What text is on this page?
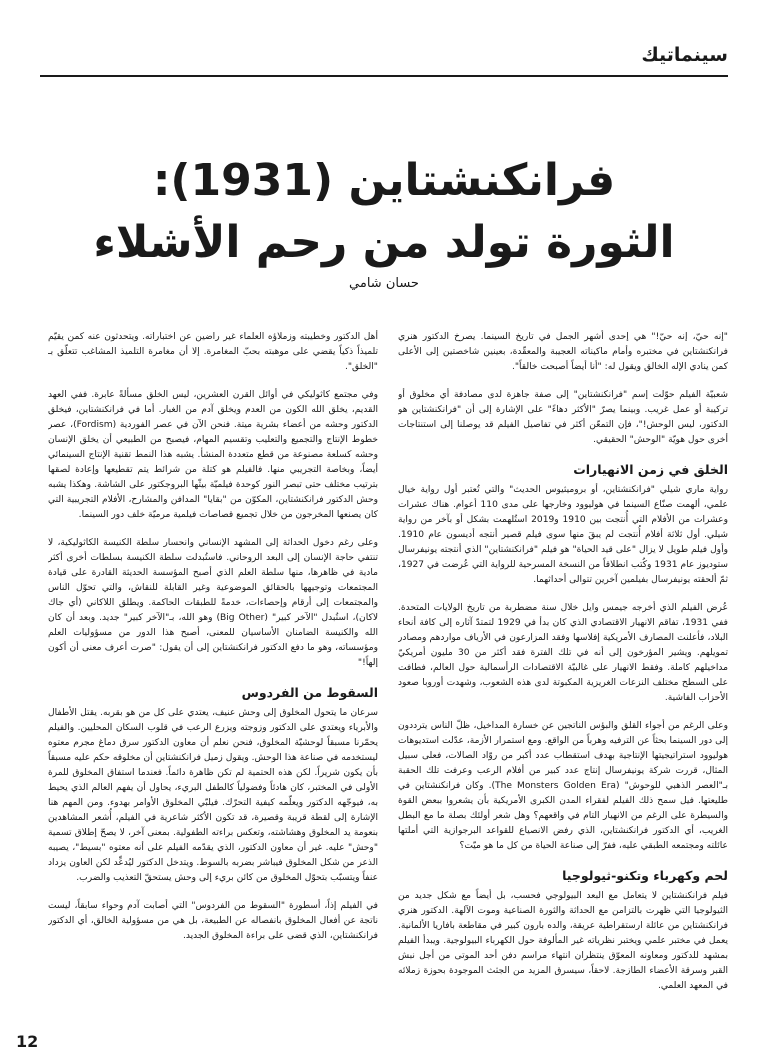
سينماتيك
فرانكنشتاين (1931):
الثورة تولد من رحم الأشلاء

حسان شامي

"إنه حيّ، إنه حيّ!" هي إحدى أشهر الجمل في تاريخ السينما. يصرخ الدكتور هنري فرانكنشتاين في مختبره وأمام ماكيناته العجيبة والمعقّدة، بعينين شاخصتين إلى الأعلى كمن ينادي الإله الخالق ويقول له: "أنا أيضاً أصبحت خالقاً".

شعبيّة الفيلم حوّلت إسم "فرانكنشتاين" إلى صفة جاهزة لدى مصادفة أي مخلوق أو تركيبة أو عمل غريب. وبينما يصرّ "الأكثر دهاءً" على الإشارة إلى أن "فرانكنشتاين هو الدكتور، ليس الوحش!"، فإن التمعّن أكثر في تفاصيل الفيلم قد يوصلنا إلى استنتاجات أخرى حول هويّة "الوحش" الحقيقي.

الخلق في زمن الانهيارات

رواية ماري شيلي "فرانكنشتاين، أو بروميثيوس الحديث" والتي تُعتبر أول رواية خيال علمي، ألهمت صنّاع السينما في هوليوود وخارجها على مدى 110 أعوام. هناك عشرات وعشرات من الأفلام التي أُنتجت بين 1910 و2019 استُلهمت بشكل أو بآخر من رواية شيلي. أول ثلاثة أفلام أُنتجت لم يبقَ منها سوى فيلم قصير أنتجه أديسون عام 1910. وأول فيلم طويل لا يزال "على قيد الحياة" هو فيلم "فرانكنشتاين" الذي أنتجته يونيفرسال ستوديوز عام 1931 وكُتب انطلاقاً من النسخة المسرحية للرواية التي عُرضت في 1927، ثمّ ألحقته يونيفرسال بفيلمين آخرين تتوالى أحداثهما.

عُرض الفيلم الذي أخرجه جيمس وايل خلال سنة مضطربة من تاريخ الولايات المتحدة. ففي 1931، تفاقم الانهيار الاقتصادي الذي كان بدأ في 1929 لتمتدّ آثاره إلى كافة أنحاء البلاد، فأعلنت المصارف الأمريكية إفلاسها وفقد المزارعون في الأرياف مواردهم ومصادر تمويلهم. ويشير المؤرخون إلى أنه في تلك الفترة فقد أكثر من 30 مليون أمريكيّ مداخيلهم كاملة. وفقط الانهيار على غالبيّة الاقتصادات الرأسمالية حول العالم، فطافت على السطح مختلف النزعات الغريزية المكبوتة لدى هذه الشعوب، وشهدت أوروبا صعود الأحزاب الفاشية.

وعلى الرغم من أجواء القلق والبؤس الناتجين عن خسارة المداخيل، ظلّ الناس يترددون إلى دور السينما بحثاً عن الترفيه وهرباً من الواقع. ومع استمرار الأزمة، عدّلت استديوهات هوليوود استراتيجيتها الإنتاجية بهدف استقطاب عدد أكبر من روّاد الصالات، فعلى سبيل المثال، قررت شركة يونيفرسال إنتاج عدد كبير من أفلام الرعب وعرفت تلك الحقبة بـ"العصر الذهبي للوحوش" (The Monsters Golden Era). وكان فرانكنشتاين في طليعتها. فيل سمح ذلك الفيلم لفقراء المدن الكبرى الأمريكية بأن يشعروا ببعض القوة والسيطرة على الرغم من الانهيار التام في واقعهم؟ وهل شعر أولئك بصلة ما مع البطل الغريب، أي الدكتور فرانكنشتاين، الذي رفض الانصياع للقواعد البرجوازية التي أملتها عائلته ومجتمعه الطبقي عليه، ففرّ إلى صناعة الحياة من كل ما هو ميّت؟

لحم وكهرباء وتكنو-ثيولوجيا

فيلم فرانكنشتاين لا يتعامل مع البعد البيولوجي فحسب، بل أيضاً مع شكل جديد من الثيولوجيا التي ظهرت بالتزامن مع الحداثة والثورة الصناعية وموت الآلهة. الدكتور هنري فرانكنشتاين من عائلة ارستقراطية عريقة، والده بارون كبير في مقاطعة بافاريا الألمانية. يعمل في مختبر علمي ويختبر نظرياته غير المألوفة حول الكهرباء البيولوجية. ويبدأ الفيلم بمشهد للدكتور ومعاونه المعوّق ينتظران انتهاء مراسم دفن أحد الموتى من أجل نبش القبر وسرقة الأعضاء الطازجة. لاحقاً، سيسرق المزيد من الجثث الموجودة بحوزة زملائه في المعهد العلمي.

أهل الدكتور وخطيبته وزملاؤه العلماء غير راضين عن اختباراته. ويتحدثون عنه كمن يقيّم تلميذاً ذكياً يقضي على موهبته بحبّ المغامرة. إلا أن مغامرة التلميذ المشاغب تتعلّق بـ "الخلق".

وفي مجتمع كاثوليكي في أوائل القرن العشرين، ليس الخلق مسألةً عابرة. ففي العهد القديم، يخلق الله الكون من العدم ويخلق آدم من الغبار. أما في فرانكنشتاين، فيخلق الدكتور وحشه من أعضاء بشرية ميتة. فنحن الآن في عصر الفوردية (Fordism)، عصر خطوط الإنتاج والتجميع والتعليب وتقسيم المهام، فيصبح من الطبيعي أن يخلق الإنسان وحشه كسلعة مصنوعة من قطع متعددة المنشأ. يشبه هذا النمط تقنية الإنتاج السينمائي أيضاً، وبخاصة التجريبي منها. فالفيلم هو كتلة من شرائط يتم تقطيعها وإعادة لصقها بترتيب مختلف حتى تبصر النور كوحدة فيلميّة بيثّها البروجكتور على الشاشة. وهكذا يشبه وحش الدكتور فرانكنشتاين، المكوّن من "بقايا" المدافن والمشارح، الأفلام التجريبية التي كان يصنعها المخرجون من خلال تجميع قصاصات فيلمية مرميّة خلف دور السينما.

وعلى رغم دخول الحداثة إلى المشهد الإنساني وانحسار سلطة الكنيسة الكاثوليكية، لا تنتفي حاجة الإنسان إلى البعد الروحاني. فاستُبدلت سلطة الكنيسة بسلطات أخرى أكثر مادية في ظاهرها، منها سلطة العلم الذي أصبح المؤسسة الحديثة القادرة على قيادة المجتمعات وتوجيهها بالحقائق الموضوعية وغير القابلة للنقاش، والتي تحوّل الناس والمجتمعات إلى أرقام وإحصاءات، خدمةً للطبقات الحاكمة. ويطلق اللاكاني (أي جاك لاكان)، استُبدل "الآخر كبير" (Big Other) وهو الله، بـ"الآخر كبير" جديد. وبعد أن كان الله والكنيسة الضامنان الأساسيان للمعنى، أصبح هذا الدور من مسؤوليات العلم ومؤسساته، وهو ما دفع الدكتور فرانكنشتاين إلى أن يقول: "صرت أعرف معنى أن أكون إلهاً!"

السقوط من الفردوس

سرعان ما يتحول المخلوق إلى وحش عنيف، يعتدي على كل من هو بقربه. يقتل الأطفال والأبرياء ويعتدي على الدكتور وزوجته ويزرع الرعب في قلوب السكان المحليين. والفيلم يحمّرنا مسبقاً لوحشيّة المخلوق، فنحن نعلم أن معاون الدكتور سرق دماغ مجرم معتوه ليستخدمه في صناعة هذا الوحش. ويقول زميل فرانكنشتاين أن مخلوقه حكم عليه مسبقاً بأن يكون شريراً. لكن هذه الحتمية لم تكن ظاهرة دائماً. فعندما استفاق المخلوق للمرة الأولى في المختبر، كان هادئاً وفضولياً كالطفل البريء، يحاول أن يفهم العالم الذي يحيط به، فيوجّهه الدكتور ويعلّمه كيفية التحرّك. فيلبّي المخلوق الأوامر بهدوء. ومن المهم هنا الإشارة إلى لقطة قريبة وقصيرة، قد تكون الأكثر شاعرية في الفيلم، أُشعر المشاهدين بنعومة يد المخلوق وهشاشته، وتعكس براءته الطفولية. بمعنى آخر، لا يصحّ إطلاق تسمية "وحش" عليه. غير أن معاون الدكتور، الذي يقدّمه الفيلم على أنه معتوه "بسيط"، يصيبه الذعر من شكل المخلوق فيباشر بضربه بالسوط. ويتدخل الدكتور ليُدعِّد لكن العاون يزداد عنفاً ويتسبّب بتحوّل المخلوق من كائن بريء إلى وحش يستحقّ التعذيب والضرب.

في الفيلم إذاً، أسطورة "السقوط من الفردوس" التي أصابت آدم وحواء سابقاً، ليست ناتجة عن أفعال المخلوق بانفصاله عن الطبيعة، بل هي من مسؤولية الخالق، أي الدكتور فرانكنشتاين، الذي قضى على براءة المخلوق الجديد.

12
